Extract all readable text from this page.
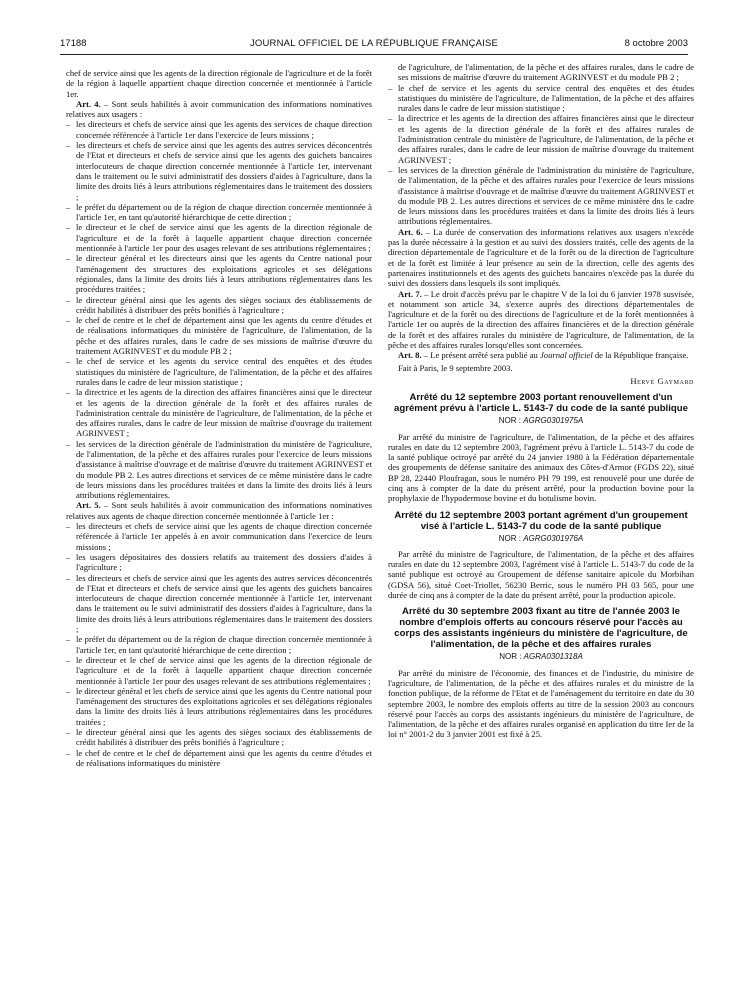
17188	JOURNAL OFFICIEL DE LA RÉPUBLIQUE FRANÇAISE	8 octobre 2003

chef de service ainsi que les agents de la direction régionale de l'agriculture et de la forêt de la région à laquelle appartient chaque direction concernée et mentionnée à l'article 1er.

Art. 4. – Sont seuls habilités à avoir communication des informations nominatives relatives aux usagers :

– les directeurs et chefs de service ainsi que les agents des services de chaque direction concernée référencée à l'article 1er dans l'exercice de leurs missions ;
– les directeurs et chefs de service ainsi que les agents des autres services déconcentrés de l'Etat et directeurs et chefs de service ainsi que les agents des guichets bancaires interlocuteurs de chaque direction concernée mentionnée à l'article 1er, intervenant dans le traitement ou le suivi administratif des dossiers d'aides à l'agriculture, dans la limite des droits liés à leurs attributions réglementaires dans le traitement des dossiers ;
– le préfet du département ou de la région de chaque direction concernée mentionnée à l'article 1er, en tant qu'autorité hiérarchique de cette direction ;
– le directeur et le chef de service ainsi que les agents de la direction régionale de l'agriculture et de la forêt à laquelle appartient chaque direction concernée mentionnée à l'article 1er pour des usages relevant de ses attributions réglementaires ;
– le directeur général et les directeurs ainsi que les agents du Centre national pour l'aménagement des structures des exploitations agricoles et ses délégations régionales, dans la limite des droits liés à leurs attributions réglementaires dans les procédures traitées ;
– le directeur général ainsi que les agents des sièges sociaux des établissements de crédit habilités à distribuer des prêts bonifiés à l'agriculture ;
– le chef de centre et le chef de département ainsi que les agents du centre d'études et de réalisations informatiques du ministère de l'agriculture, de l'alimentation, de la pêche et des affaires rurales, dans le cadre de ses missions de maîtrise d'œuvre du traitement AGRINVEST et du module PB 2 ;
– le chef de service et les agents du service central des enquêtes et des études statistiques du ministère de l'agriculture, de l'alimentation, de la pêche et des affaires rurales dans le cadre de leur mission statistique ;
– la directrice et les agents de la direction des affaires financières ainsi que le directeur et les agents de la direction générale de la forêt et des affaires rurales de l'administration centrale du ministère de l'agriculture, de l'alimentation, de la pêche et des affaires rurales, dans le cadre de leur mission de maîtrise d'ouvrage du traitement AGRINVEST ;
– les services de la direction générale de l'administration du ministère de l'agriculture, de l'alimentation, de la pêche et des affaires rurales pour l'exercice de leurs missions d'assistance à maîtrise d'ouvrage et de maîtrise d'œuvre du traitement AGRINVEST et du module PB 2. Les autres directions et services de ce même ministère dans le cadre de leurs missions dans les procédures traitées et dans la limite des droits liés à leurs attributions réglementaires.

Art. 5. – Sont seuls habilités à avoir communication des informations nominatives relatives aux agents de chaque direction concernée mentionnée à l'article 1er :

– les directeurs et chefs de service ainsi que les agents de chaque direction concernée référencée à l'article 1er appelés à en avoir communication dans l'exercice de leurs missions ;
– les usagers dépositaires des dossiers relatifs au traitement des dossiers d'aides à l'agriculture ;
– les directeurs et chefs de service ainsi que les agents des autres services déconcentrés de l'Etat et directeurs et chefs de service ainsi que les agents des guichets bancaires interlocuteurs de chaque direction concernée mentionnée à l'article 1er, intervenant dans le traitement ou le suivi administratif des dossiers d'aides à l'agriculture, dans la limite des droits liés à leurs attributions réglementaires dans le traitement des dossiers ;
– le préfet du département ou de la région de chaque direction concernée mentionnée à l'article 1er, en tant qu'autorité hiérarchique de cette direction ;
– le directeur et le chef de service ainsi que les agents de la direction régionale de l'agriculture et de la forêt à laquelle appartient chaque direction concernée mentionnée à l'article 1er pour des usages relevant de ses attributions réglementaires ;
– le directeur général et les chefs de service ainsi que les agents du Centre national pour l'aménagement des structures des exploitations agricoles et ses délégations régionales dans la limite des droits liés à leurs attributions réglementaires dans les procédures traitées ;
– le directeur général ainsi que les agents des sièges sociaux des établissements de crédit habilités à distribuer des prêts bonifiés à l'agriculture ;
– le chef de centre et le chef de département ainsi que les agents du centre d'études et de réalisations informatiques du ministère
de l'agriculture, de l'alimentation, de la pêche et des affaires rurales, dans le cadre de ses missions de maîtrise d'œuvre du traitement AGRINVEST et du module PB 2 ;
– le chef de service et les agents du service central des enquêtes et des études statistiques du ministère de l'agriculture, de l'alimentation, de la pêche et des affaires rurales dans le cadre de leur mission statistique ;
– la directrice et les agents de la direction des affaires financières ainsi que le directeur et les agents de la direction générale de la forêt et des affaires rurales de l'administration centrale du ministère de l'agriculture, de l'alimentation, de la pêche et des affaires rurales, dans le cadre de leur mission de maîtrise d'ouvrage du traitement AGRINVEST ;
– les services de la direction générale de l'administration du ministère de l'agriculture, de l'alimentation, de la pêche et des affaires rurales pour l'exercice de leurs missions d'assistance à maîtrise d'ouvrage et de maîtrise d'œuvre du traitement AGRINVEST et du module PB 2. Les autres directions et services de ce même ministère dns le cadre de leurs missions dans les procédures traitées et dans la limite des droits liés à leurs attributions réglementaires.

Art. 6. – La durée de conservation des informations relatives aux usagers n'excède pas la durée nécessaire à la gestion et au suivi des dossiers traités, celle des agents de la direction départementale de l'agriculture et de la forêt ou de la direction de l'agriculture et de la forêt est limitée à leur présence au sein de la direction, celle des agents des partenaires institutionnels et des agents des guichets bancaires n'excède pas la durée du suivi des dossiers dans lesquels ils sont impliqués.

Art. 7. – Le droit d'accès prévu par le chapitre V de la loi du 6 janvier 1978 susvisée, et notamment son article 34, s'exerce auprès des directions départementales de l'agriculture et de la forêt ou des directions de l'agriculture et de la forêt mentionnées à l'article 1er ou auprès de la direction des affaires financières et de la direction générale de la forêt et des affaires rurales du ministère de l'agriculture, de l'alimentation, de la pêche et des affaires rurales lorsqu'elles sont concernées.

Art. 8. – Le présent arrêté sera publié au Journal officiel de la République française.

Fait à Paris, le 9 septembre 2003.

Hervé Gaymard

Arrêté du 12 septembre 2003 portant renouvellement d'un agrément prévu à l'article L. 5143-7 du code de la santé publique
NOR : AGRG0301975A

Par arrêté du ministre de l'agriculture, de l'alimentation, de la pêche et des affaires rurales en date du 12 septembre 2003, l'agrément prévu à l'article L. 5143-7 du code de la santé publique octroyé par arrêté du 24 janvier 1980 à la Fédération départementale des groupements de défense sanitaire des animaux des Côtes-d'Armor (FGDS 22), situé BP 28, 22440 Ploufragan, sous le numéro PH 79 199, est renouvelé pour une durée de cinq ans à compter de la date du présent arrêté, pour la production bovine pour la prophylaxie de l'hypodermose bovine et du botulisme bovin.

Arrêté du 12 septembre 2003 portant agrément d'un groupement visé à l'article L. 5143-7 du code de la santé publique
NOR : AGRG0301976A

Par arrêté du ministre de l'agriculture, de l'alimentation, de la pêche et des affaires rurales en date du 12 septembre 2003, l'agrément visé à l'article L. 5143-7 du code de la santé publique est octroyé au Groupement de défense sanitaire apicole du Morbihan (GDSA 56), situé Coet-Triollet, 56230 Berric, sous le numéro PH 03 565, pour une durée de cinq ans à compter de la date du présent arrêté, pour la production apicole.

Arrêté du 30 septembre 2003 fixant au titre de l'année 2003 le nombre d'emplois offerts au concours réservé pour l'accès au corps des assistants ingénieurs du ministère de l'agriculture, de l'alimentation, de la pêche et des affaires rurales
NOR : AGRA0301318A

Par arrêté du ministre de l'économie, des finances et de l'industrie, du ministre de l'agriculture, de l'alimentation, de la pêche et des affaires rurales et du ministre de la fonction publique, de la réforme de l'Etat et de l'aménagement du territoire en date du 30 septembre 2003, le nombre des emplois offerts au titre de la session 2003 au concours réservé pour l'accès au corps des assistants ingénieurs du ministère de l'agriculture, de l'alimentation, de la pêche et des affaires rurales organisé en application du titre Ier de la loi n° 2001-2 du 3 janvier 2001 est fixé à 25.
